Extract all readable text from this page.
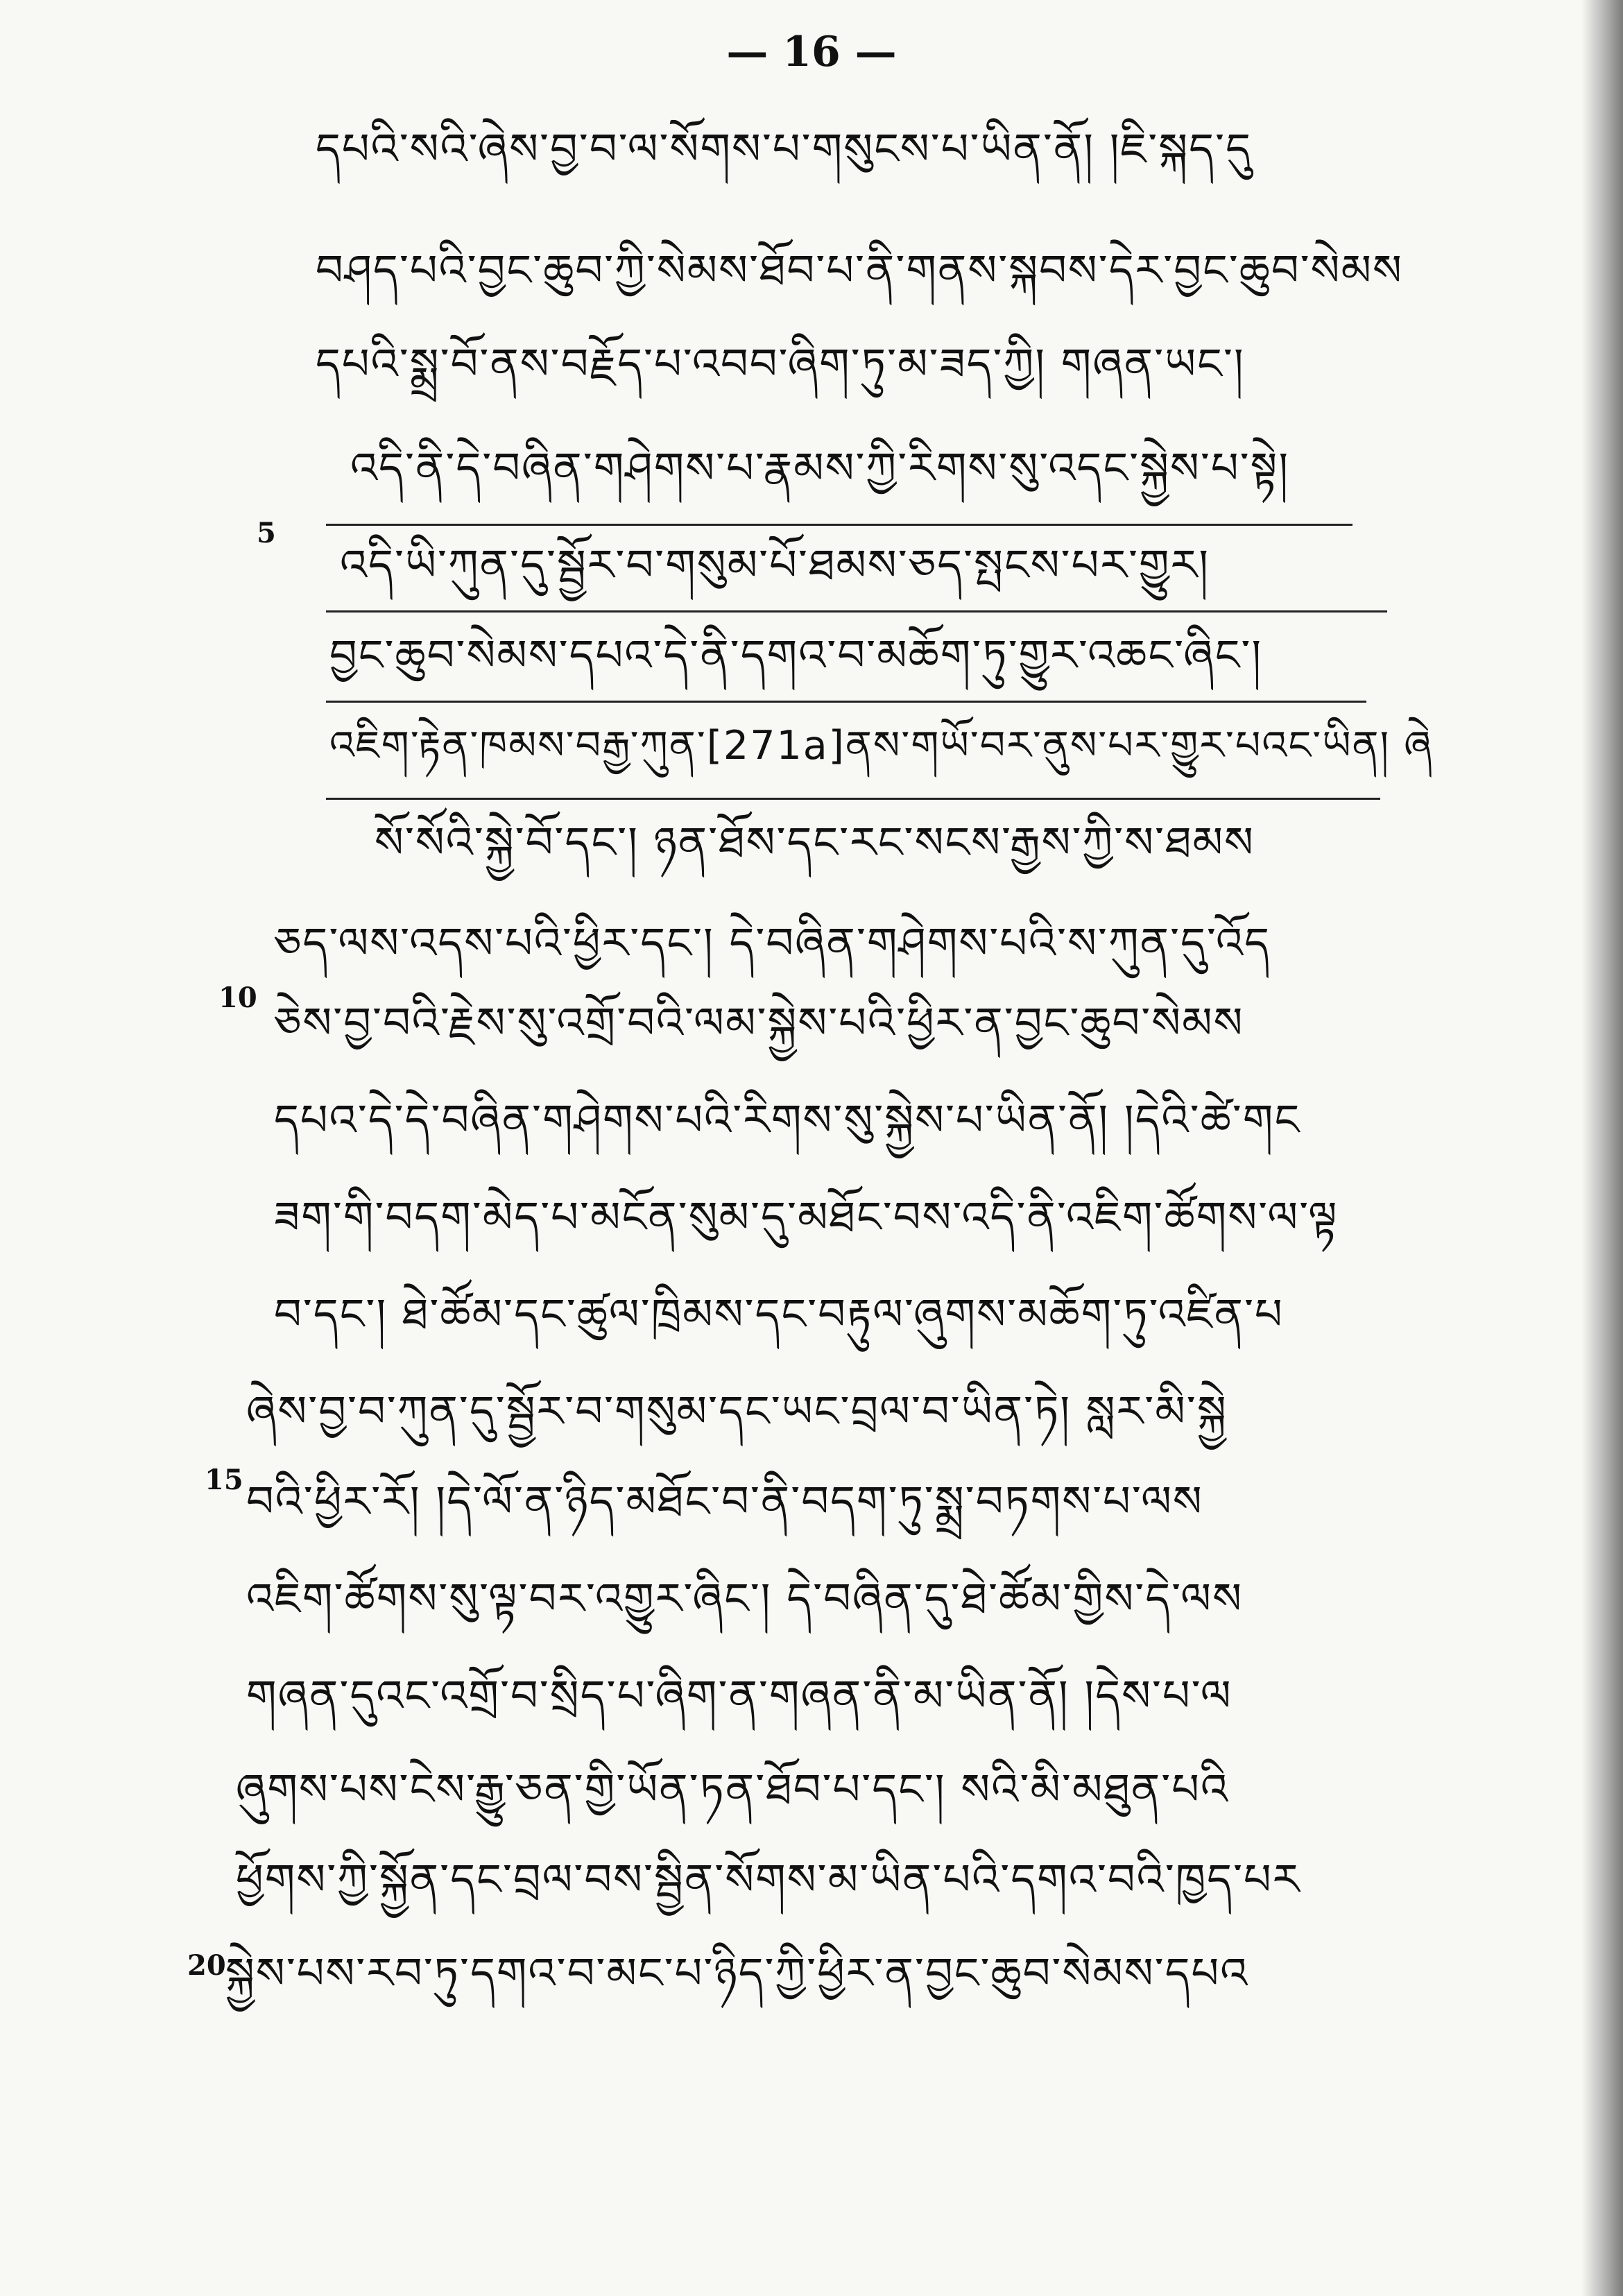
— 16 —
དཔའི་སའི་ཞེས་བྱ་བ་ལ་སོགས་པ་གསུངས་པ་ཡིན་ནོ། །ཇི་སྐད་དུ
བཤད་པའི་བྱང་ཆུབ་ཀྱི་སེམས་ཐོབ་པ་ནི་གནས་སྐབས་དེར་བྱང་ཆུབ་སེམས
དཔའི་སྨྲ་བོ་ནས་བརྗོད་པ་འབབ་ཞིག་ཏུ་མ་ཟད་ཀྱི། གཞན་ཡང་།
འདི་ནི་དེ་བཞིན་གཤེགས་པ་རྣམས་ཀྱི་རིགས་སུ་འདང་སྐྱེས་པ་སྟེ།
འདི་ཡི་ཀུན་དུ་སྦྱོར་བ་གསུམ་པོ་ཐམས་ཅད་སྤངས་པར་གྱུར།
བྱང་ཆུབ་སེམས་དཔའ་དེ་ནི་དགའ་བ་མཆོག་ཏུ་གྱུར་འཆང་ཞིང་།
འཇིག་རྟེན་ཁམས་བརྒྱ་ཀུན་[271a]ནས་གཡོ་བར་ནུས་པར་གྱུར་པའང་ཡིན། ཞེ
སོ་སོའི་སྐྱེ་བོ་དང་། ཉན་ཐོས་དང་རང་སངས་རྒྱས་ཀྱི་ས་ཐམས
ཅད་ལས་འདས་པའི་ཕྱིར་དང་། དེ་བཞིན་གཤེགས་པའི་ས་ཀུན་དུ་འོད
ཅེས་བྱ་བའི་རྗེས་སུ་འགྲོ་བའི་ལམ་སྐྱེས་པའི་ཕྱིར་ན་བྱང་ཆུབ་སེམས
དཔའ་དེ་དེ་བཞིན་གཤེགས་པའི་རིགས་སུ་སྐྱེས་པ་ཡིན་ནོ། །དེའི་ཚེ་གང
ཟག་གི་བདག་མེད་པ་མངོན་སུམ་དུ་མཐོང་བས་འདི་ནི་འཇིག་ཚོགས་ལ་ལྟ
བ་དང་། ཐེ་ཚོམ་དང་ཚུལ་ཁྲིམས་དང་བརྟུལ་ཞུགས་མཆོག་ཏུ་འཛིན་པ
ཞེས་བྱ་བ་ཀུན་དུ་སྦྱོར་བ་གསུམ་དང་ཡང་བྲལ་བ་ཡིན་ཏེ། སླར་མི་སྐྱེ
བའི་ཕྱིར་རོ། །དེ་ལོ་ན་ཉིད་མཐོང་བ་ནི་བདག་ཏུ་སྨྲ་བཏགས་པ་ལས
འཇིག་ཚོགས་སུ་ལྟ་བར་འགྱུར་ཞིང་། དེ་བཞིན་དུ་ཐེ་ཚོམ་གྱིས་དེ་ལས
གཞན་དུའང་འགྲོ་བ་སྲིད་པ་ཞིག་ན་གཞན་ནི་མ་ཡིན་ནོ། །དེས་པ་ལ
ཞུགས་པས་ངེས་རྒྱུ་ཅན་གྱི་ཡོན་ཏན་ཐོབ་པ་དང་། སའི་མི་མཐུན་པའི
ཕྱོགས་ཀྱི་སྐྱོན་དང་བྲལ་བས་སྦྱིན་སོགས་མ་ཡིན་པའི་དགའ་བའི་ཁྱད་པར
སྐྱེས་པས་རབ་ཏུ་དགའ་བ་མང་པ་ཉིད་ཀྱི་ཕྱིར་ན་བྱང་ཆུབ་སེམས་དཔའ
5
10
15
20
